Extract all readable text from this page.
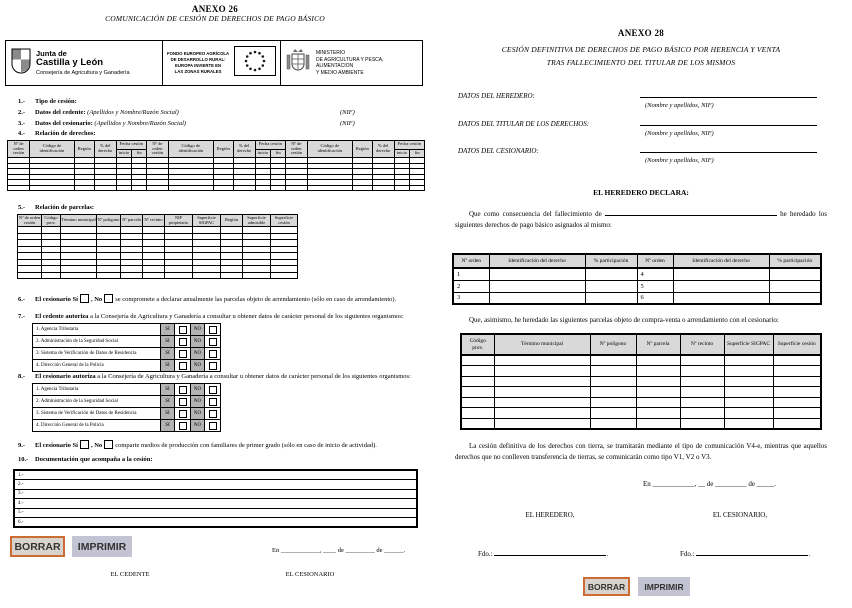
ANEXO 26
COMUNICACIÓN DE CESIÓN DE DERECHOS DE PAGO BÁSICO
Junta de
Castilla y León
Consejería de Agricultura y Ganadería
FONDO EUROPEO AGRÍCOLA
DE DESARROLLO RURAL:
EUROPA INVIERTE EN
LAS ZONAS RURALES
MINISTERIO
DE AGRICULTURA Y PESCA,
ALIMENTACIÓN
Y MEDIO AMBIENTE
1.- Tipo de cesión:
2.- Datos del cedente: (Apellidos y Nombre/Razón Social)	(NIF)
3.- Datos del cesionario: (Apellidos y Nombre/Razón Social)	(NIF)
4.- Relación de derechos:
Nº de orden cesión	Código de identificación	Región	% del derecho	Fecha cesión		Nº de orden cesión	Código de identificación	Región	% del derecho	Fecha cesión		Nº de orden cesión	Código de identificación	Región	% del derecho	Fecha cesión	
				inicio	fin					inicio	fin					inicio	fin

5.- Relación de parcelas:
Nº de orden cesión	Código prov.	Término municipal	Nº polígono	Nº parcela	Nº recinto	NIF propietario	Superficie SIGPAC	Región	Superficie admisible	Superficie cesión

6.- El cesionario Sí , No se compromete a declarar anualmente las parcelas objeto de arrendamiento (sólo en caso de arrendamiento).
7.- El cedente autoriza a la Consejería de Agricultura y Ganadería a consultar u obtener datos de carácter personal de los siguientes organismos:
1. Agencia Tributaria	SI		NO	
2. Administración de la Seguridad Social	SI		NO	
3. Sistema de Verificación de Datos de Residencia	SI		NO	
4. Dirección General de la Policía	SI		NO	
8.- El cesionario autoriza a la Consejería de Agricultura y Ganadería a consultar u obtener datos de carácter personal de los siguientes organismos:
1. Agencia Tributaria	SI		NO	
2. Administración de la Seguridad Social	SI		NO	
3. Sistema de Verificación de Datos de Residencia	SI		NO	
4. Dirección General de la Policía	SI		NO	
9.- El cesionario Sí , No comparte medios de producción con familiares de primer grado (sólo en caso de inicio de actividad).
10.- Documentación que acompaña a la cesión:
1.-
2.-
3.-
4.-
5.-
6.-
BORRAR	IMPRIMIR	En ____________, ____ de _________ de ______.
EL CEDENTE	EL CESIONARIO
ANEXO 28
CESIÓN DEFINITIVA DE DERECHOS DE PAGO BÁSICO POR HERENCIA Y VENTA
TRAS FALLECIMIENTO DEL TITULAR DE LOS MISMOS
DATOS DEL HEREDERO:
(Nombre y apellidos, NIF)
DATOS DEL TITULAR DE LOS DERECHOS:
(Nombre y apellidos, NIF)
DATOS DEL CESIONARIO:
(Nombre y apellidos, NIF)
EL HEREDERO DECLARA:
Que como consecuencia del fallecimiento de	he heredado los siguientes derechos de pago básico asignados al mismo:
Nº orden	Identificación del derecho	% participación	Nº orden	Identificación del derecho	% participación
1			4		
2			5		
3			6		
Que, asimismo, he heredado las siguientes parcelas objeto de compra-venta o arrendamiento con el cesionario:
Código prov.	Término municipal	Nº polígono	Nº parcela	Nº recinto	Superficie SIGPAC	Superficie cesión

La cesión definitiva de los derechos con tierra, se tramitarán mediante el tipo de comunicación V4-e, mientras que aquellos derechos que no conlleven transferencia de tierras, se comunicarán como tipo V1, V2 o V3.
En ____________, __ de _________ de _____.
EL HEREDERO,	EL CESIONARIO,
Fdo.:	.	Fdo.:	.
BORRAR	IMPRIMIR
